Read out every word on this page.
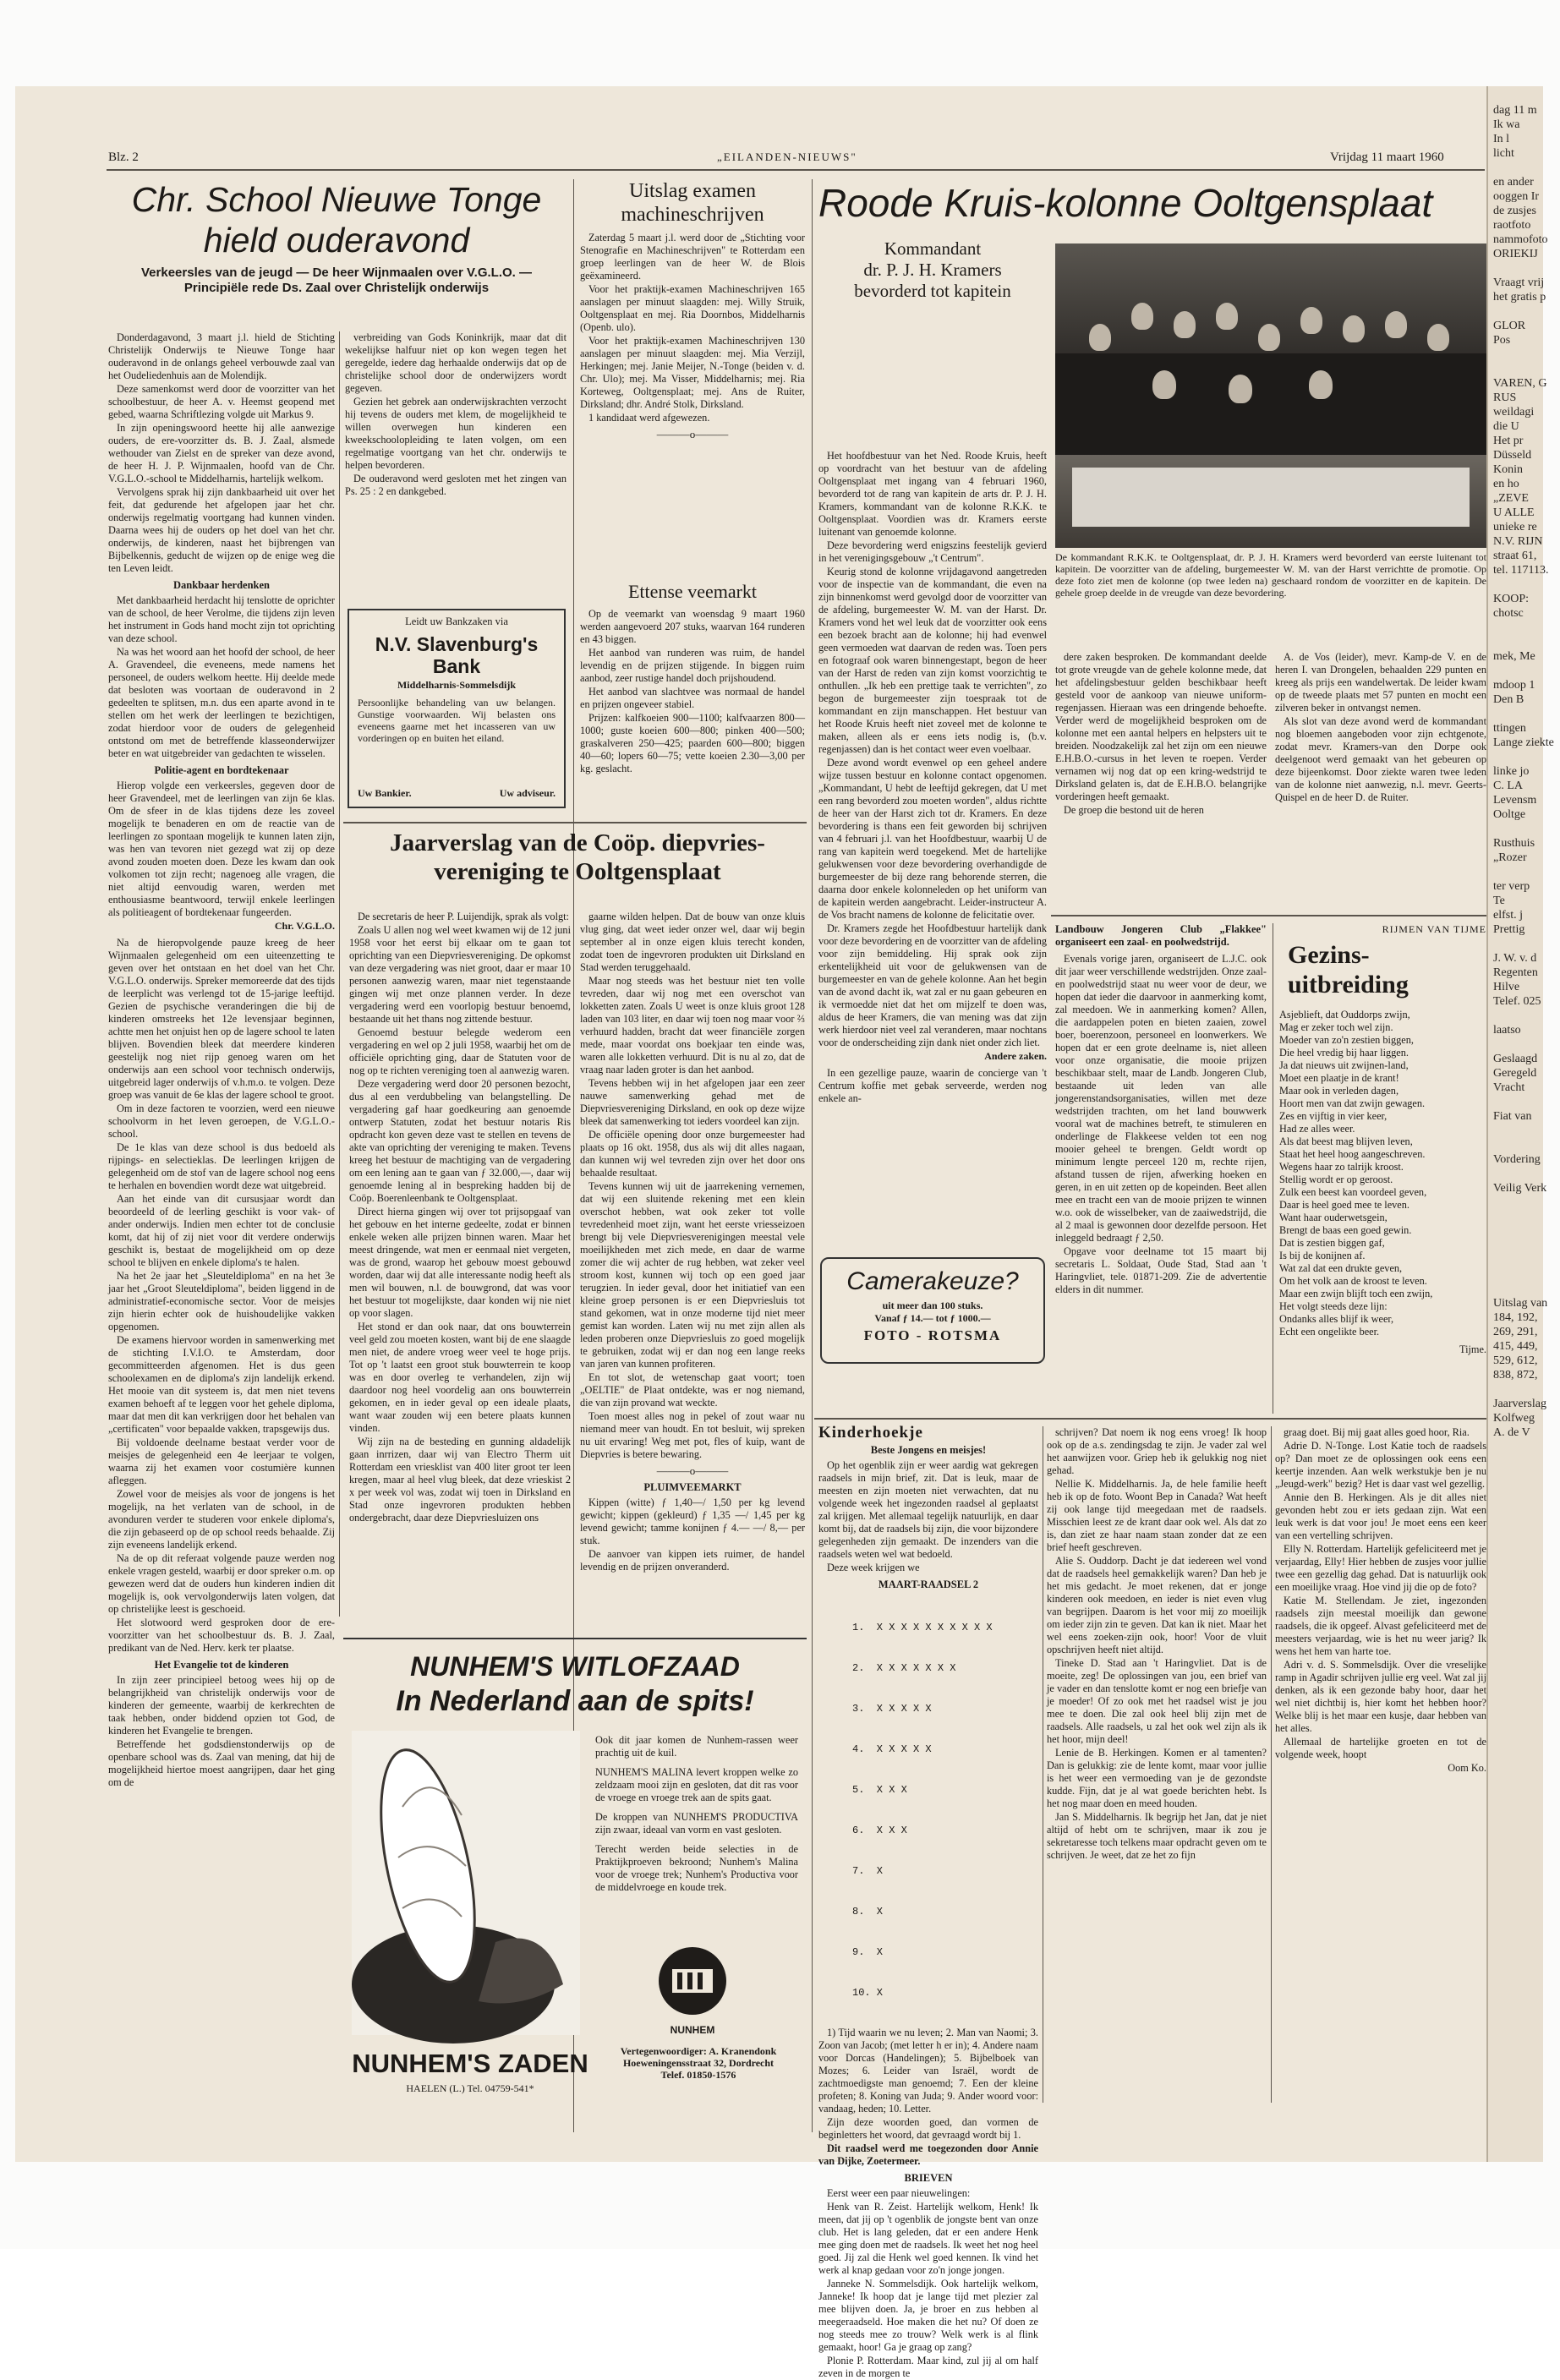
Blz. 2	„EILANDEN-NIEUWS"	Vrijdag 11 maart 1960
Chr. School Nieuwe Tonge
hield ouderavond
Verkeersles van de jeugd — De heer Wijnmaalen over V.G.L.O. — Principiële rede Ds. Zaal over Christelijk onderwijs

Donderdagavond, 3 maart j.l. hield de Stichting Christelijk Onderwijs te Nieuwe Tonge haar ouderavond in de onlangs geheel verbouwde zaal van het Oudeliedenhuis aan de Molendijk.

Deze samenkomst werd door de voorzitter van het schoolbestuur, de heer A. v. Heemst geopend met gebed, waarna Schriftlezing volgde uit Markus 9.

In zijn openingswoord heette hij alle aanwezige ouders, de ere-voorzitter ds. B. J. Zaal, alsmede wethouder van Zielst en de spreker van deze avond, de heer H. J. P. Wijnmaalen, hoofd van de Chr. V.G.L.O.-school te Middelharnis, hartelijk welkom.

Vervolgens sprak hij zijn dankbaarheid uit over het feit, dat gedurende het afgelopen jaar het chr. onderwijs regelmatig voortgang had kunnen vinden. Daarna wees hij de ouders op het doel van het chr. onderwijs, de kinderen, naast het bijbrengen van Bijbelkennis, geducht de wijzen op de enige weg die ten Leven leidt.

Dankbaar herdenken

Met dankbaarheid herdacht hij tenslotte de oprichter van de school, de heer Verolme, die tijdens zijn leven het instrument in Gods hand mocht zijn tot oprichting van deze school.

Na was het woord aan het hoofd der school, de heer A. Gravendeel, die eveneens, mede namens het personeel, de ouders welkom heette. Hij deelde mede dat besloten was voortaan de ouderavond in 2 gedeelten te splitsen, m.n. dus een aparte avond in te stellen om het werk der leerlingen te bezichtigen, zodat hierdoor voor de ouders de gelegenheid ontstond om met de betreffende klasseonderwijzer beter en wat uitgebreider van gedachten te wisselen.

Politie-agent en bordtekenaar

Hierop volgde een verkeersles, gegeven door de heer Gravendeel, met de leerlingen van zijn 6e klas. Om de sfeer in de klas tijdens deze les zoveel mogelijk te benaderen en om de reactie van de leerlingen zo spontaan mogelijk te kunnen laten zijn, was hen van tevoren niet gezegd wat zij op deze avond zouden moeten doen. Deze les kwam dan ook volkomen tot zijn recht; nagenoeg alle vragen, die niet altijd eenvoudig waren, werden met enthousiasme beantwoord, terwijl enkele leerlingen als politieagent of bordtekenaar fungeerden.

Chr. V.G.L.O.

Na de hieropvolgende pauze kreeg de heer Wijnmaalen gelegenheid om een uiteenzetting te geven over het ontstaan en het doel van het Chr. V.G.L.O. onderwijs. Spreker memoreerde dat des tijds de leerplicht was verlengd tot de 15-jarige leeftijd. Gezien de psychische veranderingen die bij de kinderen omstreeks het 12e levensjaar beginnen, achtte men het onjuist hen op de lagere school te laten blijven. Bovendien bleek dat meerdere kinderen geestelijk nog niet rijp genoeg waren om het onderwijs aan een school voor technisch onderwijs, uitgebreid lager onderwijs of v.h.m.o. te volgen. Deze groep was vanuit de 6e klas der lagere school te groot.

Om in deze factoren te voorzien, werd een nieuwe schoolvorm in het leven geroepen, de V.G.L.O.-school.

De 1e klas van deze school is dus bedoeld als rijpings- en selectieklas. De leerlingen krijgen de gelegenheid om de stof van de lagere school nog eens te herhalen en bovendien wordt deze wat uitgebreid.

Aan het einde van dit cursusjaar wordt dan beoordeeld of de leerling geschikt is voor vak- of ander onderwijs. Indien men echter tot de conclusie komt, dat hij of zij niet voor dit verdere onderwijs geschikt is, bestaat de mogelijkheid om op deze school te blijven en enkele diploma's te halen.

Na het 2e jaar het „Sleuteldiploma" en na het 3e jaar het „Groot Sleuteldiploma", beiden liggend in de administratief-economische sector. Voor de meisjes zijn hierin echter ook de huishoudelijke vakken opgenomen.

De examens hiervoor worden in samenwerking met de stichting I.V.I.O. te Amsterdam, door gecommitteerden afgenomen. Het is dus geen schoolexamen en de diploma's zijn landelijk erkend. Het mooie van dit systeem is, dat men niet tevens examen behoeft af te leggen voor het gehele diploma, maar dat men dit kan verkrijgen door het behalen van „certificaten" voor bepaalde vakken, trapsgewijs dus.

Bij voldoende deelname bestaat verder voor de meisjes de gelegenheid een 4e leerjaar te volgen, waarna zij het examen voor costumière kunnen afleggen.

Zowel voor de meisjes als voor de jongens is het mogelijk, na het verlaten van de school, in de avonduren verder te studeren voor enkele diploma's, die zijn gebaseerd op de op school reeds behaalde. Zij zijn eveneens landelijk erkend.

Na de op dit referaat volgende pauze werden nog enkele vragen gesteld, waarbij er door spreker o.m. op gewezen werd dat de ouders hun kinderen indien dit mogelijk is, ook vervolgonderwijs laten volgen, dat op christelijke leest is geschoeid.

Het slotwoord werd gesproken door de ere-voorzitter van het schoolbestuur ds. B. J. Zaal, predikant van de Ned. Herv. kerk ter plaatse.

Het Evangelie tot de kinderen

In zijn zeer principieel betoog wees hij op de belangrijkheid van christelijk onderwijs voor de kinderen der gemeente, waarbij de kerkrechten de taak hebben, onder biddend opzien tot God, de kinderen het Evangelie te brengen.

Betreffende het godsdienstonderwijs op de openbare school was ds. Zaal van mening, dat hij de mogelijkheid hiertoe moest aangrijpen, daar het ging om de

verbreiding van Gods Koninkrijk, maar dat dit wekelijkse halfuur niet op kon wegen tegen het geregelde, iedere dag herhaalde onderwijs dat op de christelijke school door de onderwijzers wordt gegeven.

Gezien het gebrek aan onderwijskrachten verzocht hij tevens de ouders met klem, de mogelijkheid te willen overwegen hun kinderen een kweekschoolopleiding te laten volgen, om een regelmatige voortgang van het chr. onderwijs te helpen bevorderen.

De ouderavond werd gesloten met het zingen van Ps. 25 : 2 en dankgebed.

Leidt uw Bankzaken via
N.V. Slavenburg's Bank
Middelharnis-Sommelsdijk
Persoonlijke behandeling van uw belangen. Gunstige voorwaarden. Wij belasten ons eveneens gaarne met het incasseren van uw vorderingen op en buiten het eiland.
Uw Bankier.	Uw adviseur.
Uitslag examen machineschrijven

Zaterdag 5 maart j.l. werd door de „Stichting voor Stenografie en Machineschrijven" te Rotterdam een groep leerlingen van de heer W. de Blois geëxamineerd.

Voor het praktijk-examen Machineschrijven 165 aanslagen per minuut slaagden: mej. Willy Struik, Ooltgensplaat en mej. Ria Doornbos, Middelharnis (Openb. ulo).

Voor het praktijk-examen Machineschrijven 130 aanslagen per minuut slaagden: mej. Mia Verzijl, Herkingen; mej. Janie Meijer, N.-Tonge (beiden v. d. Chr. Ulo); mej. Ma Visser, Middelharnis; mej. Ria Korteweg, Ooltgensplaat; mej. Ans de Ruiter, Dirksland; dhr. André Stolk, Dirksland.

1 kandidaat werd afgewezen.

———o———
Ettense veemarkt

Op de veemarkt van woensdag 9 maart 1960 werden aangevoerd 207 stuks, waarvan 164 runderen en 43 biggen.

Het aanbod van runderen was ruim, de handel levendig en de prijzen stijgende. In biggen ruim aanbod, zeer rustige handel doch prijshoudend.

Het aanbod van slachtvee was normaal de handel en prijzen ongeveer stabiel.

Prijzen: kalfkoeien 900—1100; kalfvaarzen 800—1000; guste koeien 600—800; pinken 400—500; graskalveren 250—425; paarden 600—800; biggen 40—60; lopers 60—75; vette koeien 2.30—3,00 per kg. geslacht.

Jaarverslag van de Coöp. diepvries-vereniging te Ooltgensplaat

De secretaris de heer P. Luijendijk, sprak als volgt:

Zoals U allen nog wel weet kwamen wij de 12 juni 1958 voor het eerst bij elkaar om te gaan tot oprichting van een Diepvriesvereniging. De opkomst van deze vergadering was niet groot, daar er maar 10 personen aanwezig waren, maar niet tegenstaande gingen wij met onze plannen verder. In deze vergadering werd een voorlopig bestuur benoemd, bestaande uit het thans nog zittende bestuur.

Genoemd bestuur belegde wederom een vergadering en wel op 2 juli 1958, waarbij het om de officiële oprichting ging, daar de Statuten voor de nog op te richten vereniging toen al aanwezig waren.

Deze vergadering werd door 20 personen bezocht, dus al een verdubbeling van belangstelling. De vergadering gaf haar goedkeuring aan genoemde ontwerp Statuten, zodat het bestuur notaris Ris opdracht kon geven deze vast te stellen en tevens de akte van oprichting der vereniging te maken. Tevens kreeg het bestuur de machtiging van de vergadering om een lening aan te gaan van ƒ 32.000,—, daar wij genoemde lening al in bespreking hadden bij de Coöp. Boerenleenbank te Ooltgensplaat.

Direct hierna gingen wij over tot prijsopgaaf van het gebouw en het interne gedeelte, zodat er binnen enkele weken alle prijzen binnen waren. Maar het meest dringende, wat men er eenmaal niet vergeten, was de grond, waarop het gebouw moest gebouwd worden, daar wij dat alle interessante nodig heeft als men wil bouwen, n.l. de bouwgrond, dat was voor het bestuur tot mogelijkste, daar konden wij nie niet op voor slagen.

Het stond er dan ook naar, dat ons bouwterrein veel geld zou moeten kosten, want bij de ene slaagde men niet, de andere vroeg weer veel te hoge prijs. Tot op 't laatst een groot stuk bouwterrein te koop was en door overleg te verhandelen, zijn wij daardoor nog heel voordelig aan ons bouwterrein gekomen, en in ieder geval op een ideale plaats, want waar zouden wij een betere plaats kunnen vinden.

Wij zijn na de besteding en gunning aldadelijk gaan inrrizen, daar wij van Electro Therm uit Rotterdam een vriesklist van 400 liter groot ter leen kregen, maar al heel vlug bleek, dat deze vrieskist 2 x per week vol was, zodat wij toen in Dirksland en Stad onze ingevroren produkten hebben ondergebracht, daar deze Diepvriesluizen ons

gaarne wilden helpen. Dat de bouw van onze kluis vlug ging, dat weet ieder onzer wel, daar wij begin september al in onze eigen kluis terecht konden, zodat toen de ingevroren produkten uit Dirksland en Stad werden teruggehaald.

Maar nog steeds was het bestuur niet ten volle tevreden, daar wij nog met een overschot van lokketten zaten. Zoals U weet is onze kluis groot 128 laden van 103 liter, en daar wij toen nog maar voor ⅔ verhuurd hadden, bracht dat weer financiële zorgen mede, maar voordat ons boekjaar ten einde was, waren alle lokketten verhuurd. Dit is nu al zo, dat de vraag naar laden groter is dan het aanbod.

Tevens hebben wij in het afgelopen jaar een zeer nauwe samenwerking gehad met de Diepvriesvereniging Dirksland, en ook op deze wijze bleek dat samenwerking tot ieders voordeel kan zijn.

De officiële opening door onze burgemeester had plaats op 16 okt. 1958, dus als wij dit alles nagaan, dan kunnen wij wel tevreden zijn over het door ons behaalde resultaat.

Tevens kunnen wij uit de jaarrekening vernemen, dat wij een sluitende rekening met een klein overschot hebben, wat ook zeker tot volle tevredenheid moet zijn, want het eerste vriesseizoen brengt bij vele Diepvriesverenigingen meestal vele moeilijkheden met zich mede, en daar de warme zomer die wij achter de rug hebben, wat zeker veel stroom kost, kunnen wij toch op een goed jaar terugzien. In ieder geval, door het initiatief van een kleine groep personen is er een Diepvriesluis tot stand gekomen, wat in onze moderne tijd niet meer gemist kan worden. Laten wij nu met zijn allen als leden proberen onze Diepvriesluis zo goed mogelijk te gebruiken, zodat wij er dan nog een lange reeks van jaren van kunnen profiteren.

En tot slot, de wetenschap gaat voort; toen „OELTIE" de Plaat ontdekte, was er nog niemand, die van zijn provand wat weckte.

Toen moest alles nog in pekel of zout waar nu niemand meer van houdt. En tot besluit, wij spreken nu uit ervaring! Weg met pot, fles of kuip, want de Diepvries is betere bewaring.

———o———
PLUIMVEEMARKT

Kippen (witte) ƒ 1,40—/ 1,50 per kg levend gewicht; kippen (gekleurd) ƒ 1,35 —/ 1,45 per kg levend gewicht; tamme konijnen ƒ 4.— —/ 8,— per stuk.

De aanvoer van kippen iets ruimer, de handel levendig en de prijzen onveranderd.

NUNHEM'S WITLOFZAAD
In Nederland aan de spits!

Ook dit jaar komen de Nunhem-rassen weer prachtig uit de kuil.

NUNHEM'S MALINA levert kroppen welke zo zeldzaam mooi zijn en gesloten, dat dit ras voor de vroege en vroege trek aan de spits gaat.

De kroppen van NUNHEM'S PRODUCTIVA zijn zwaar, ideaal van vorm en vast gesloten.

Terecht werden beide selecties in de Praktijkproeven bekroond; Nunhem's Malina voor de vroege trek; Nunhem's Productiva voor de middelvroege en koude trek.

NUNHEM
Vertegenwoordiger: A. Kranendonk
Hoeweningensstraat 32, Dordrecht
Telef. 01850-1576
NUNHEM'S ZADEN
HAELEN (L.) Tel. 04759-541*
Roode Kruis-kolonne Ooltgensplaat
Kommandant
dr. P. J. H. Kramers
bevorderd tot kapitein
De kommandant R.K.K. te Ooltgensplaat, dr. P. J. H. Kramers werd bevorderd van eerste luitenant tot kapitein. De voorzitter van de afdeling, burgemeester W. M. van der Harst verrichtte de promotie. Op deze foto ziet men de kolonne (op twee leden na) geschaard rondom de voorzitter en de kapitein. De gehele groep deelde in de vreugde van deze bevordering.

Het hoofdbestuur van het Ned. Roode Kruis, heeft op voordracht van het bestuur van de afdeling Ooltgensplaat met ingang van 4 februari 1960, bevorderd tot de rang van kapitein de arts dr. P. J. H. Kramers, kommandant van de kolonne R.K.K. te Ooltgensplaat. Voordien was dr. Kramers eerste luitenant van genoemde kolonne.

Deze bevordering werd enigszins feestelijk gevierd in het verenigingsgebouw „'t Centrum".

Keurig stond de kolonne vrijdagavond aangetreden voor de inspectie van de kommandant, die even na zijn binnenkomst werd gevolgd door de voorzitter van de afdeling, burgemeester W. M. van der Harst. Dr. Kramers vond het wel leuk dat de voorzitter ook eens een bezoek bracht aan de kolonne; hij had evenwel geen vermoeden wat daarvan de reden was. Toen pers en fotograaf ook waren binnengestapt, begon de heer van der Harst de reden van zijn komst voorzichtig te onthullen. „Ik heb een prettige taak te verrichten", zo begon de burgemeester zijn toespraak tot de kommandant en zijn manschappen. Het bestuur van het Roode Kruis heeft niet zoveel met de kolonne te maken, alleen als er eens iets nodig is, (b.v. regenjassen) dan is het contact weer even voelbaar.

Deze avond wordt evenwel op een geheel andere wijze tussen bestuur en kolonne contact opgenomen. „Kommandant, U hebt de leeftijd gekregen, dat U met een rang bevorderd zou moeten worden", aldus richtte de heer van der Harst zich tot dr. Kramers. En deze bevordering is thans een feit geworden bij schrijven van 4 februari j.l. van het Hoofdbestuur, waarbij U de rang van kapitein werd toegekend. Met de hartelijke gelukwensen voor deze bevordering overhandigde de burgemeester de bij deze rang behorende sterren, die daarna door enkele kolonneleden op het uniform van de kapitein werden aangebracht. Leider-instructeur A. de Vos bracht namens de kolonne de felicitatie over.

Dr. Kramers zegde het Hoofdbestuur hartelijk dank voor deze bevordering en de voorzitter van de afdeling voor zijn bemiddeling. Hij sprak ook zijn erkentelijkheid uit voor de gelukwensen van de burgemeester en van de gehele kolonne. Aan het begin van de avond dacht ik, wat zal er nu gaan gebeuren en ik vermoedde niet dat het om mijzelf te doen was, aldus de heer Kramers, die van mening was dat zijn werk hierdoor niet veel zal veranderen, maar nochtans voor de onderscheiding zijn dank niet onder zich liet.

Andere zaken.

In een gezellige pauze, waarin de concierge van 't Centrum koffie met gebak serveerde, werden nog enkele an-

dere zaken besproken. De kommandant deelde tot grote vreugde van de gehele kolonne mede, dat het afdelingsbestuur gelden beschikbaar heeft gesteld voor de aankoop van nieuwe uniform-regenjassen. Hieraan was een dringende behoefte. Verder werd de mogelijkheid besproken om de kolonne met een aantal helpers en helpsters uit te breiden. Noodzakelijk zal het zijn om een nieuwe E.H.B.O.-cursus in het leven te roepen. Verder vernamen wij nog dat op een kring-wedstrijd te Dirksland gelaten is, dat de E.H.B.O. belangrijke vorderingen heeft gemaakt.

De groep die bestond uit de heren

A. de Vos (leider), mevr. Kamp-de V. en de heren I. van Drongelen, behaalden 229 punten en kreeg als prijs een wandelwertak. De leider kwam op de tweede plaats met 57 punten en mocht een zilveren beker in ontvangst nemen.

Als slot van deze avond werd de kommandant nog bloemen aangeboden voor zijn echtgenote, zodat mevr. Kramers-van den Dorpe ook deelgenoot werd gemaakt van het gebeuren op deze bijeenkomst. Door ziekte waren twee leden van de kolonne niet aanwezig, n.l. mevr. Geerts-Quispel en de heer D. de Ruiter.

Landbouw Jongeren Club „Flakkee" organiseert een zaal- en poolwedstrijd.

Evenals vorige jaren, organiseert de L.J.C. ook dit jaar weer verschillende wedstrijden. Onze zaal- en poolwedstrijd staat nu weer voor de deur, we hopen dat ieder die daarvoor in aanmerking komt, zal meedoen. We in aanmerking komen? Allen, die aardappelen poten en bieten zaaien, zowel boer, boerenzoon, personeel en loonwerkers. We hopen dat er een grote deelname is, niet alleen voor onze organisatie, die mooie prijzen beschikbaar stelt, maar de Landb. Jongeren Club, bestaande uit leden van alle jongerenstandsorganisaties, willen met deze wedstrijden trachten, om het land bouwwerk vooral wat de machines betreft, te stimuleren en onderlinge de Flakkeese velden tot een nog mooier geheel te brengen. Geldt wordt op minimum lengte perceel 120 m, rechte rijen, afstand tussen de rijen, afwerking hoeken en geren, in en uit zetten op de kopeinden. Beet allen mee en tracht een van de mooie prijzen te winnen w.o. ook de wisselbeker, van de zaaiwedstrijd, die al 2 maal is gewonnen door dezelfde persoon. Het inleggeld bedraagt ƒ 2,50.

Opgave voor deelname tot 15 maart bij secretaris L. Soldaat, Oude Stad, Stad aan 't Haringvliet, tele. 01871-209. Zie de advertentie elders in dit nummer.

RIJMEN VAN TIJME
Gezins-
uitbreiding
Asjeblieft, dat Ouddorps zwijn,
Mag er zeker toch wel zijn.
Moeder van zo'n zestien biggen,
Die heel vredig bij haar liggen.
Ja dat nieuws uit zwijnen-land,
Moet een plaatje in de krant!
Maar ook in verleden dagen,
Hoort men van dat zwijn gewagen.
Zes en vijftig in vier keer,
Had ze alles weer.
Als dat beest mag blijven leven,
Staat het heel hoog aangeschreven.
Wegens haar zo talrijk kroost.
Stellig wordt er op geroost.
Zulk een beest kan voordeel geven,
Daar is heel goed mee te leven.
Want haar ouderwetsgein,
Brengt de baas een goed gewin.
Dat is zestien biggen gaf,
Is bij de konijnen af.
Wat zal dat een drukte geven,
Om het volk aan de kroost te leven.
Maar een zwijn blijft toch een zwijn,
Het volgt steeds deze lijn:
Ondanks alles blijf ik weer,
Echt een ongelikte beer.
Tijme.
Camerakeuze?
uit meer dan 100 stuks.
Vanaf ƒ 14.— tot ƒ 1000.—
FOTO - ROTSMA
Kinderhoekje
Beste Jongens en meisjes!

Op het ogenblik zijn er weer aardig wat gekregen raadsels in mijn brief, zit. Dat is leuk, maar de meesten en zijn moeten niet verwachten, dat nu volgende week het ingezonden raadsel al geplaatst zal krijgen. Met allemaal tegelijk natuurlijk, en daar komt bij, dat de raadsels bij zijn, die voor bijzondere gelegenheden zijn gemaakt. De inzenders van die raadsels weten wel wat bedoeld.

Deze week krijgen we

MAART-RAADSEL 2

1.  X X X X X X X X X X

2.  X X X X X X X

3.  X X X X X

4.  X X X X X

5.  X X X

6.  X X X

7.  X

8.  X

9.  X

10. X

1) Tijd waarin we nu leven; 2. Man van Naomi; 3. Zoon van Jacob; (met letter h er in); 4. Andere naam voor Dorcas (Handelingen); 5. Bijbelboek van Mozes; 6. Leider van Israël, wordt de zachtmoedigste man genoemd; 7. Een der kleine profeten; 8. Koning van Juda; 9. Ander woord voor: vandaag, heden; 10. Letter.

Zijn deze woorden goed, dan vormen de beginletters het woord, dat gevraagd wordt bij 1.

Dit raadsel werd me toegezonden door Annie van Dijke, Zoetermeer.

BRIEVEN

Eerst weer een paar nieuwelingen:

Henk van R. Zeist. Hartelijk welkom, Henk! Ik meen, dat jij op 't ogenblik de jongste bent van onze club. Het is lang geleden, dat er een andere Henk mee ging doen met de raadsels. Ik weet het nog heel goed. Jij zal die Henk wel goed kennen. Ik vind het werk al knap gedaan voor zo'n jonge jongen.

Janneke N. Sommelsdijk. Ook hartelijk welkom, Janneke! Ik hoop dat je lange tijd met plezier zal mee blijven doen. Ja, je broer en zus hebben al meegeraadseld. Hoe maken die het nu? Of doen ze nog steeds mee zo trouw? Welk werk is al flink gemaakt, hoor! Ga je graag op zang?

Plonie P. Rotterdam. Maar kind, zul jij al om half zeven in de morgen te

schrijven? Dat noem ik nog eens vroeg! Ik hoop ook op de a.s. zendingsdag te zijn. Je vader zal wel het aanwijzen voor. Griep heb ik gelukkig nog niet gehad.

Nellie K. Middelharnis. Ja, de hele familie heeft heb ik op de foto. Woont Bep in Canada? Wat heeft zij ook lange tijd meegedaan met de raadsels. Misschien leest ze de krant daar ook wel. Als dat zo is, dan ziet ze haar naam staan zonder dat ze een brief heeft geschreven.

Alie S. Ouddorp. Dacht je dat iedereen wel vond dat de raadsels heel gemakkelijk waren? Dan heb je het mis gedacht. Je moet rekenen, dat er jonge kinderen ook meedoen, en ieder is niet even vlug van begrijpen. Daarom is het voor mij zo moeilijk om ieder zijn zin te geven. Dat kan ik niet. Maar het wel eens zoeken-zijn ook, hoor! Voor de vluit opschrijven heeft niet altijd.

Tineke D. Stad aan 't Haringvliet. Dat is de moeite, zeg! De oplossingen van jou, een brief van je vader en dan tenslotte komt er nog een briefje van je moeder! Of zo ook met het raadsel wist je jou mee te doen. Die zal ook heel blij zijn met de raadsels. Alle raadsels, u zal het ook wel zijn als ik het hoor, mijn deel!

Lenie de B. Herkingen. Komen er al tamenten? Dan is gelukkig: zie de lente komt, maar voor jullie is het weer een vermoeding van je de gezondste kudde. Fijn, dat je al wat goede berichten hebt. Is het nog maar doen en meed houden.

Jan S. Middelharnis. Ik begrijp het Jan, dat je niet altijd of hebt om te schrijven, maar ik zou je sekretaresse toch telkens maar opdracht geven om te schrijven. Je weet, dat ze het zo fijn

graag doet. Bij mij gaat alles goed hoor, Ria.

Adrie D. N-Tonge. Lost Katie toch de raadsels op? Dan moet ze de oplossingen ook eens een keertje inzenden. Aan welk werkstukje ben je nu „Jeugd-werk" bezig? Het is daar vast wel gezellig.

Annie den B. Herkingen. Als je dit alles niet gevonden hebt zou er iets gedaan zijn. Wat een leuk werk is dat voor jou! Je moet eens een keer van een vertelling schrijven.

Elly N. Rotterdam. Hartelijk gefeliciteerd met je verjaardag, Elly! Hier hebben de zusjes voor jullie twee een gezellig dag gehad. Dat is natuurlijk ook een moeilijke vraag. Hoe vind jij die op de foto?

Katie M. Stellendam. Je ziet, ingezonden raadsels zijn meestal moeilijk dan gewone raadsels, die ik opgeef. Alvast gefeliciteerd met de meesters verjaardag, wie is het nu weer jarig? Ik wens het hem van harte toe.

Adri v. d. S. Sommelsdijk. Over die vreselijke ramp in Agadir schrijven jullie erg veel. Wat zal jij denken, als ik een gezonde baby hoor, daar het wel niet dichtbij is, hier komt het hebben hoor? Welke blij is het maar een kusje, daar hebben van het alles.

Allemaal de hartelijke groeten en tot de volgende week, hoopt

Oom Ko.
dag 11 m
Ik wa
In l
licht

en ander
ooggen Ir
de zusjes
raotfoto
nammofoto
ORIEKIJ

Vraagt vrij
het gratis p

GLOR
Pos

VAREN, G
RUS
weildagi
die U
Het pr
Düsseld
Konin
en ho
„ZEVE
U ALLE
unieke re
N.V. RIJN
straat 61,
tel. 117113.

KOOP:
chotsc

mek, Me

mdoop 1
Den B

ttingen
Lange ziekte

linke jo
C. LA
Levensm
Ooltge

Rusthuis
„Rozer

ter verp
Te
elfst. j
Prettig

J. W. v. d
Regenten
Hilve
Telef. 025

laatso

Geslaagd
Geregeld
Vracht

Fiat van

Vordering

Veilig Verk

Uitslag van
184, 192,
269, 291,
415, 449,
529, 612,
838, 872,

Jaarverslag
Kolfweg
A. de V
